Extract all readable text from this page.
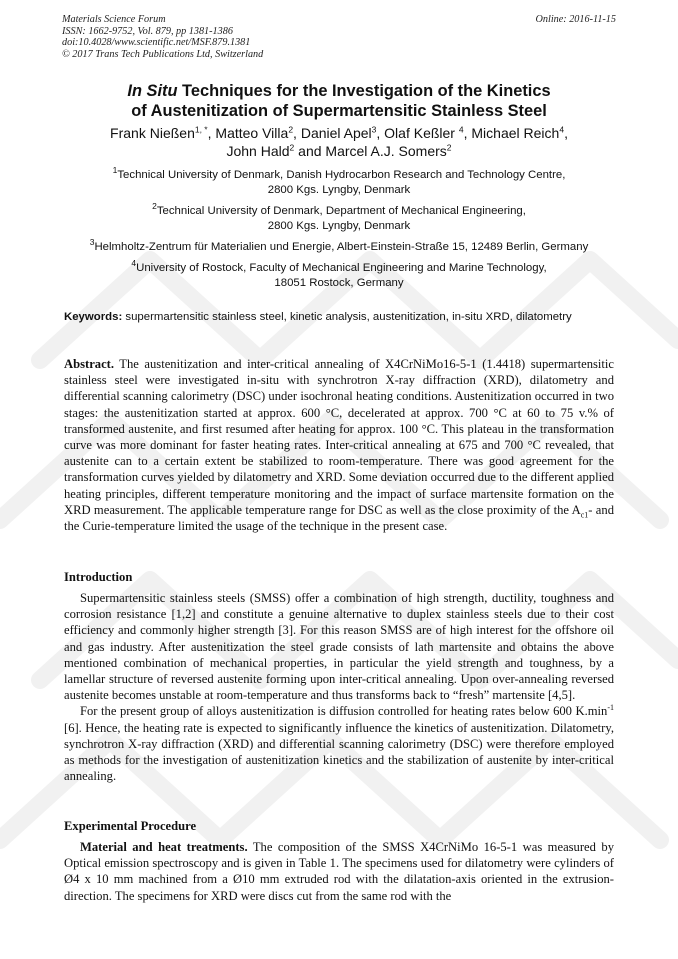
Materials Science Forum
ISSN: 1662-9752, Vol. 879, pp 1381-1386
doi:10.4028/www.scientific.net/MSF.879.1381
© 2017 Trans Tech Publications Ltd, Switzerland
Online: 2016-11-15
In Situ Techniques for the Investigation of the Kinetics
of Austenitization of Supermartensitic Stainless Steel
Frank Nießen$^{1, *}$, Matteo Villa$^2$, Daniel Apel$^3$, Olaf Keßler $^4$, Michael Reich$^4$,
John Hald$^2$ and Marcel A.J. Somers$^2$
$^1$Technical University of Denmark, Danish Hydrocarbon Research and Technology Centre,
2800 Kgs. Lyngby, Denmark
$^2$Technical University of Denmark, Department of Mechanical Engineering,
2800 Kgs. Lyngby, Denmark
$^3$Helmholtz-Zentrum für Materialien und Energie, Albert-Einstein-Straße 15, 12489 Berlin, Germany
$^4$University of Rostock, Faculty of Mechanical Engineering and Marine Technology,
18051 Rostock, Germany
Keywords: supermartensitic stainless steel, kinetic analysis, austenitization, in-situ XRD, dilatometry

Abstract. The austenitization and inter-critical annealing of X4CrNiMo16-5-1 (1.4418) supermartensitic stainless steel were investigated in-situ with synchrotron X-ray diffraction (XRD), dilatometry and differential scanning calorimetry (DSC) under isochronal heating conditions. Austenitization occurred in two stages: the austenitization started at approx. 600 °C, decelerated at approx. 700 °C at 60 to 75 v.% of transformed austenite, and first resumed after heating for approx. 100 °C. This plateau in the transformation curve was more dominant for faster heating rates. Inter-critical annealing at 675 and 700 °C revealed, that austenite can to a certain extent be stabilized to room-temperature. There was good agreement for the transformation curves yielded by dilatometry and XRD. Some deviation occurred due to the different applied heating principles, different temperature monitoring and the impact of surface martensite formation on the XRD measurement. The applicable temperature range for DSC as well as the close proximity of the $A_{c1}-$ and the Curie-temperature limited the usage of the technique in the present case.

Introduction

Supermartensitic stainless steels (SMSS) offer a combination of high strength, ductility, toughness and corrosion resistance [1,2] and constitute a genuine alternative to duplex stainless steels due to their cost efficiency and commonly higher strength [3]. For this reason SMSS are of high interest for the offshore oil and gas industry. After austenitization the steel grade consists of lath martensite and obtains the above mentioned combination of mechanical properties, in particular the yield strength and toughness, by a lamellar structure of reversed austenite forming upon inter-critical annealing. Upon over-annealing reversed austenite becomes unstable at room-temperature and thus transforms back to “fresh” martensite [4,5].

For the present group of alloys austenitization is diffusion controlled for heating rates below 600 $K.\min^{-1}$ [6]. Hence, the heating rate is expected to significantly influence the kinetics of austenitization. Dilatometry, synchrotron X-ray diffraction (XRD) and differential scanning calorimetry (DSC) were therefore employed as methods for the investigation of austenitization kinetics and the stabilization of austenite by inter-critical annealing.

Experimental Procedure

Material and heat treatments. The composition of the SMSS X4CrNiMo 16-5-1 was measured by Optical emission spectroscopy and is given in Table 1. The specimens used for dilatometry were cylinders of Ø4 x 10 mm machined from a Ø10 mm extruded rod with the dilatation-axis oriented in the extrusion-direction. The specimens for XRD were discs cut from the same rod with the
